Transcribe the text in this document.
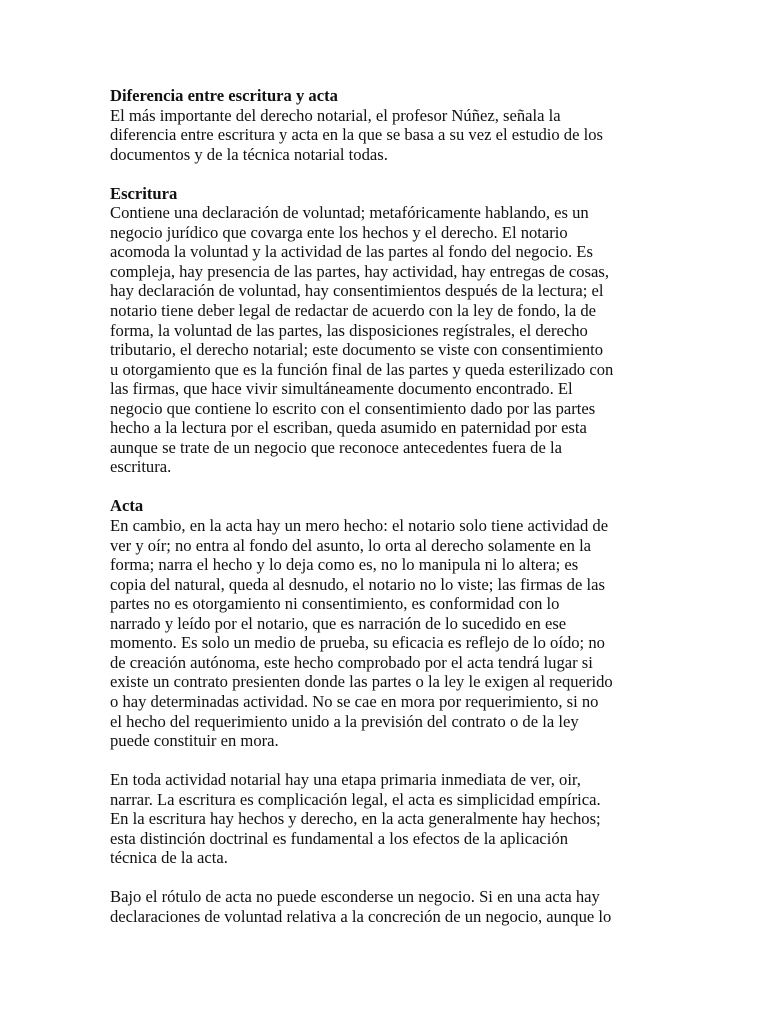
Diferencia entre escritura y acta
El más importante del derecho notarial, el profesor Núñez, señala la
diferencia entre escritura y acta en la que se basa a su vez el estudio de los
documentos y de la técnica notarial todas.
Escritura
Contiene una declaración de voluntad; metafóricamente hablando, es un
negocio jurídico que covarga ente los hechos y el derecho. El notario
acomoda la voluntad y la actividad de las partes al fondo del negocio. Es
compleja, hay presencia de las partes, hay actividad, hay entregas de cosas,
hay declaración de voluntad, hay consentimientos después de la lectura; el
notario tiene deber legal de redactar de acuerdo con la ley de fondo, la de
forma, la voluntad de las partes, las disposiciones regístrales, el derecho
tributario, el derecho notarial; este documento se viste con consentimiento
u otorgamiento que es la función final de las partes y queda esterilizado con
las firmas, que hace vivir simultáneamente documento encontrado. El
negocio que contiene lo escrito con el consentimiento dado por las partes
hecho a la lectura por el escriban, queda asumido en paternidad por esta
aunque se trate de un negocio que reconoce antecedentes fuera de la
escritura.
Acta
En cambio, en la acta hay un mero hecho: el notario solo tiene actividad de
ver y oír; no entra al fondo del asunto, lo orta al derecho solamente en la
forma; narra el hecho y lo deja como es, no lo manipula ni lo altera; es
copia del natural, queda al desnudo, el notario no lo viste; las firmas de las
partes no es otorgamiento ni consentimiento, es conformidad con lo
narrado y leído por el notario, que es narración de lo sucedido en ese
momento. Es solo un medio de prueba, su eficacia es reflejo de lo oído; no
de creación autónoma, este hecho comprobado por el acta tendrá lugar si
existe un contrato presienten donde las partes o la ley le exigen al requerido
o hay determinadas actividad. No se cae en mora por requerimiento, si no
el hecho del requerimiento unido a la previsión del contrato o de la ley
puede constituir en mora.
En toda actividad notarial hay una etapa primaria inmediata de ver, oir,
narrar. La escritura es complicación legal, el acta es simplicidad empírica.
En la escritura hay hechos y derecho, en la acta generalmente hay hechos;
esta distinción doctrinal es fundamental a los efectos de la aplicación
técnica de la acta.
Bajo el rótulo de acta no puede esconderse un negocio. Si en una acta hay
declaraciones de voluntad relativa a la concreción de un negocio, aunque lo
